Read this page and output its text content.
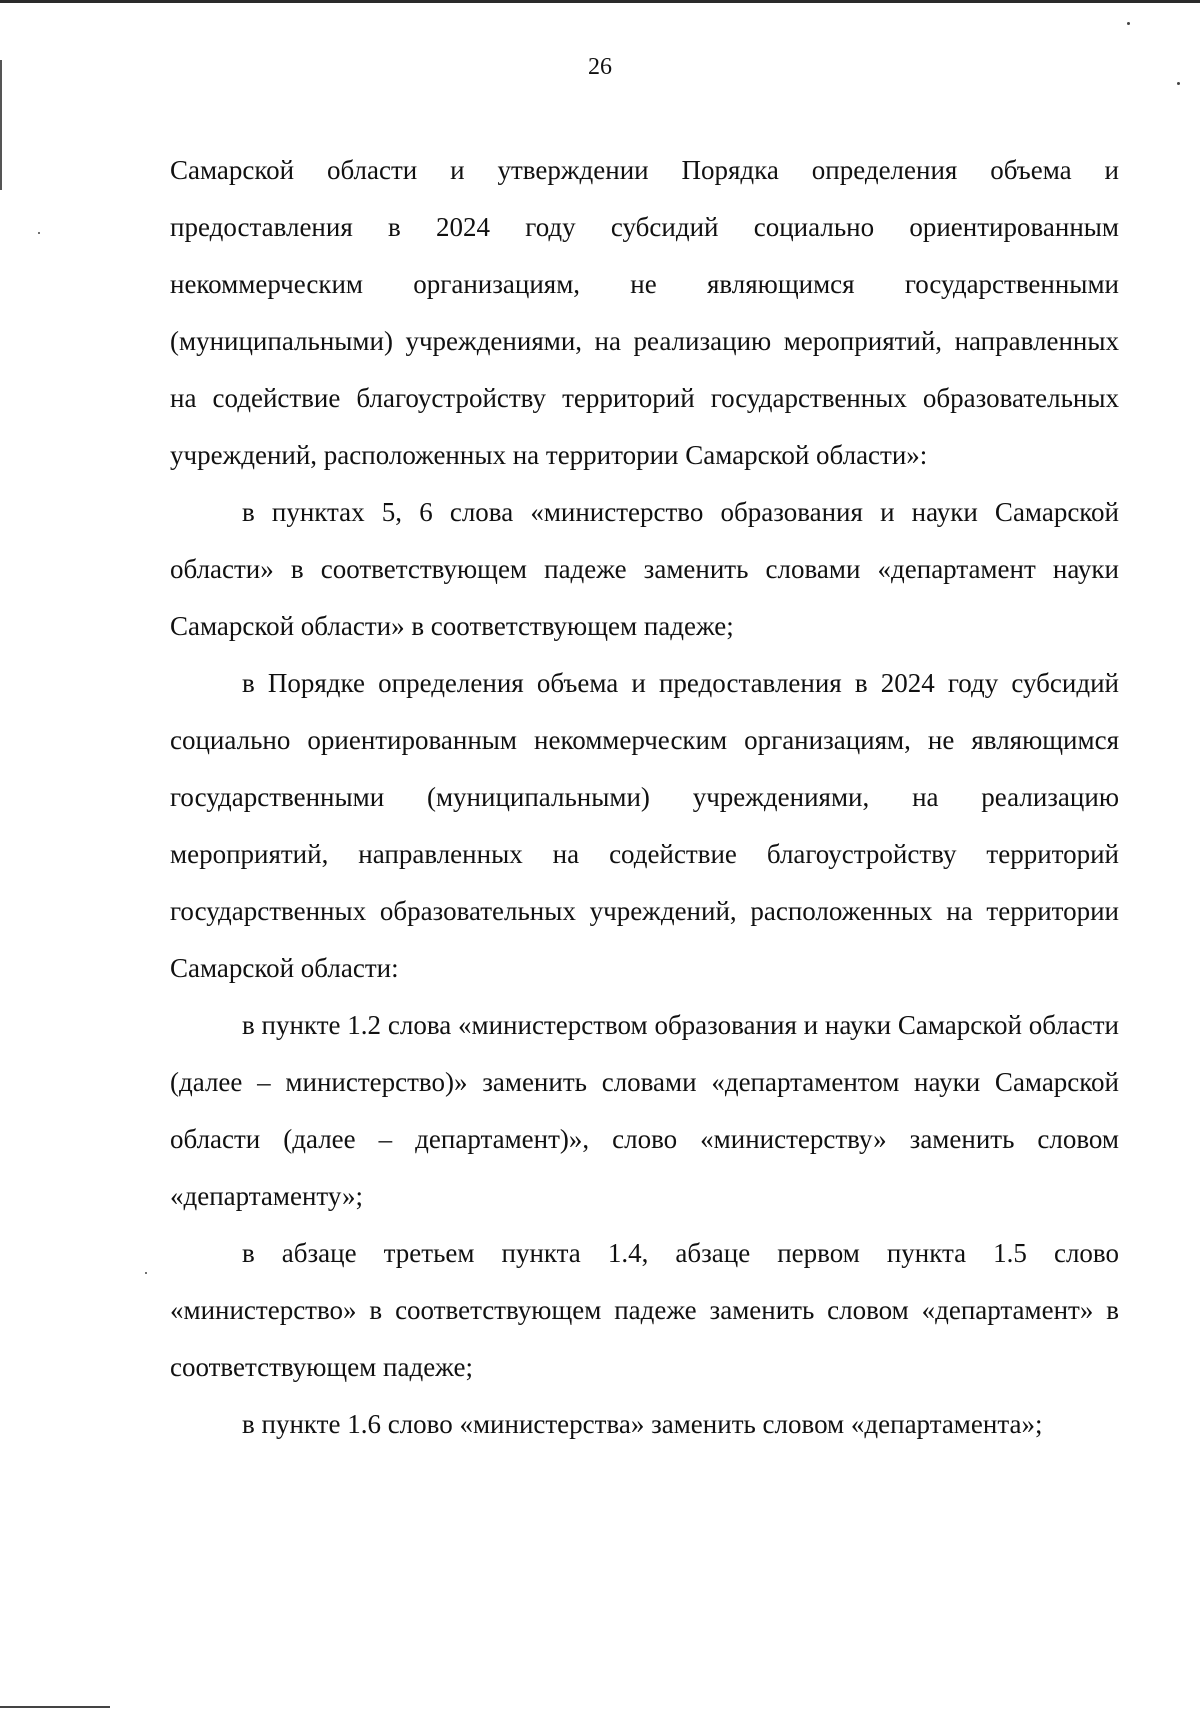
26

Самарской области и утверждении Порядка определения объема и предоставления в 2024 году субсидий социально ориентированным некоммерческим организациям, не являющимся государственными (муниципальными) учреждениями, на реализацию мероприятий, направленных на содействие благоустройству территорий государственных образовательных учреждений, расположенных на территории Самарской области»:

в пунктах 5, 6 слова «министерство образования и науки Самарской области» в соответствующем падеже заменить словами «департамент науки Самарской области» в соответствующем падеже;

в Порядке определения объема и предоставления в 2024 году субсидий социально ориентированным некоммерческим организациям, не являющимся государственными (муниципальными) учреждениями, на реализацию мероприятий, направленных на содействие благоустройству территорий государственных образовательных учреждений, расположенных на территории Самарской области:

в пункте 1.2 слова «министерством образования и науки Самарской области (далее – министерство)» заменить словами «департаментом науки Самарской области (далее – департамент)», слово «министерству» заменить словом «департаменту»;

в абзаце третьем пункта 1.4, абзаце первом пункта 1.5 слово «министерство» в соответствующем падеже заменить словом «департамент» в соответствующем падеже;

в пункте 1.6 слово «министерства» заменить словом «департамента»;
